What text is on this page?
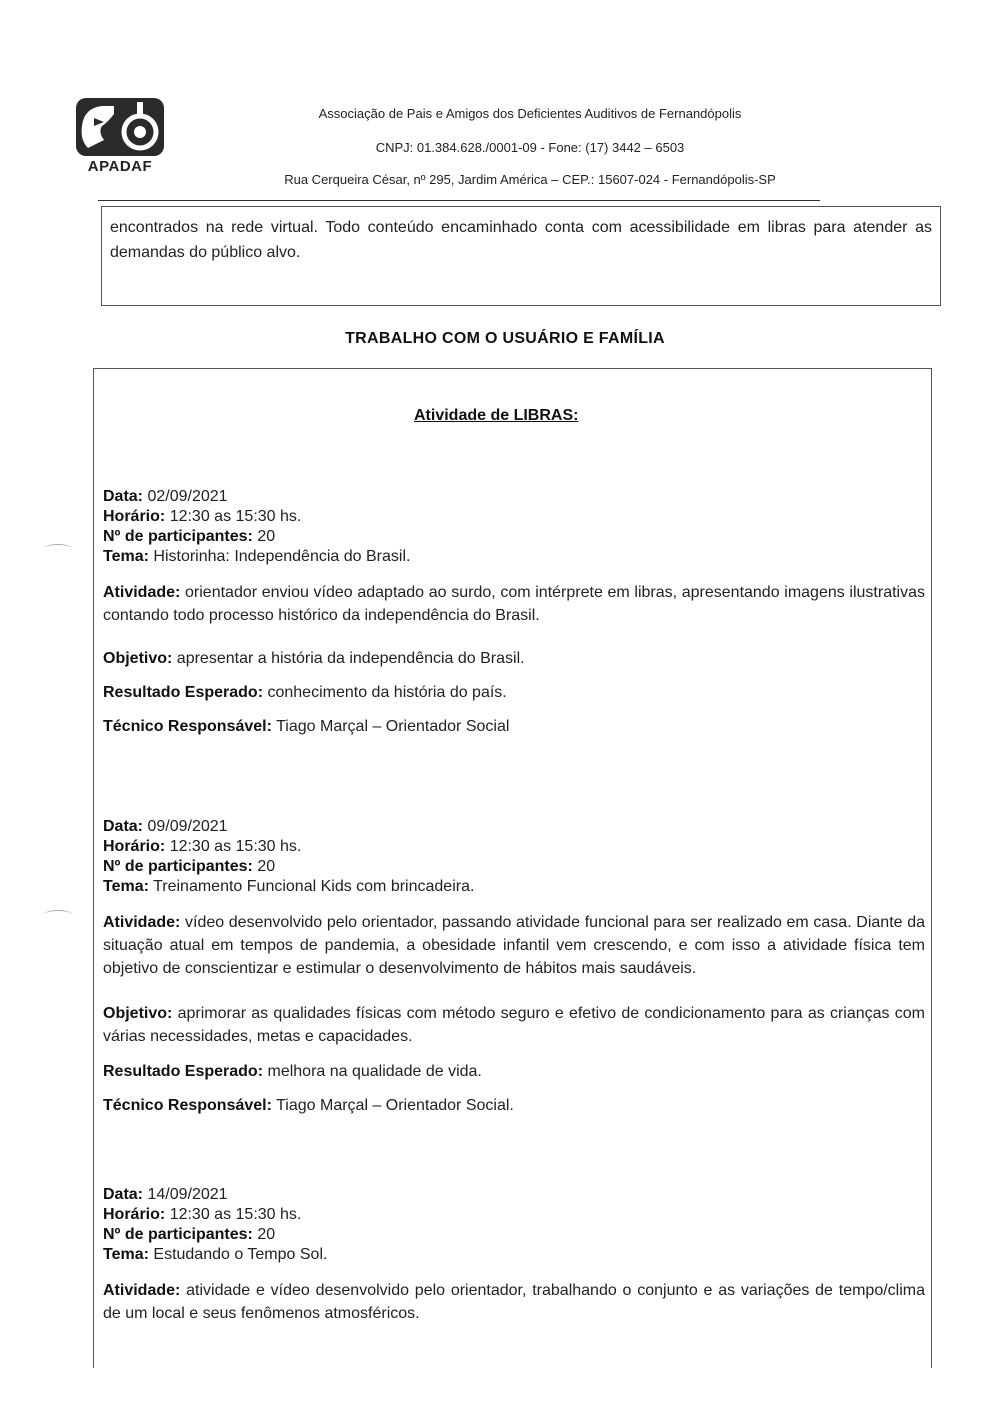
APADAF
Associação de Pais e Amigos dos Deficientes Auditivos de Fernandópolis
CNPJ: 01.384.628./0001-09 - Fone: (17) 3442 – 6503
Rua Cerqueira César, nº 295, Jardim América – CEP.: 15607-024 - Fernandópolis-SP

encontrados na rede virtual. Todo conteúdo encaminhado conta com acessibilidade em libras para atender as demandas do público alvo.

TRABALHO COM O USUÁRIO E FAMÍLIA
Atividade de LIBRAS:
Data: 02/09/2021
Horário: 12:30 as 15:30 hs.
Nº de participantes: 20
Tema: Historinha: Independência do Brasil.
Atividade: orientador enviou vídeo adaptado ao surdo, com intérprete em libras, apresentando imagens ilustrativas contando todo processo histórico da independência do Brasil.
Objetivo: apresentar a história da independência do Brasil.
Resultado Esperado: conhecimento da história do país.
Técnico Responsável: Tiago Marçal – Orientador Social
Data: 09/09/2021
Horário: 12:30 as 15:30 hs.
Nº de participantes: 20
Tema: Treinamento Funcional Kids com brincadeira.
Atividade: vídeo desenvolvido pelo orientador, passando atividade funcional para ser realizado em casa. Diante da situação atual em tempos de pandemia, a obesidade infantil vem crescendo, e com isso a atividade física tem objetivo de conscientizar e estimular o desenvolvimento de hábitos mais saudáveis.
Objetivo: aprimorar as qualidades físicas com método seguro e efetivo de condicionamento para as crianças com várias necessidades, metas e capacidades.
Resultado Esperado: melhora na qualidade de vida.
Técnico Responsável: Tiago Marçal – Orientador Social.
Data: 14/09/2021
Horário: 12:30 as 15:30 hs.
Nº de participantes: 20
Tema: Estudando o Tempo Sol.
Atividade: atividade e vídeo desenvolvido pelo orientador, trabalhando o conjunto e as variações de tempo/clima de um local e seus fenômenos atmosféricos.
